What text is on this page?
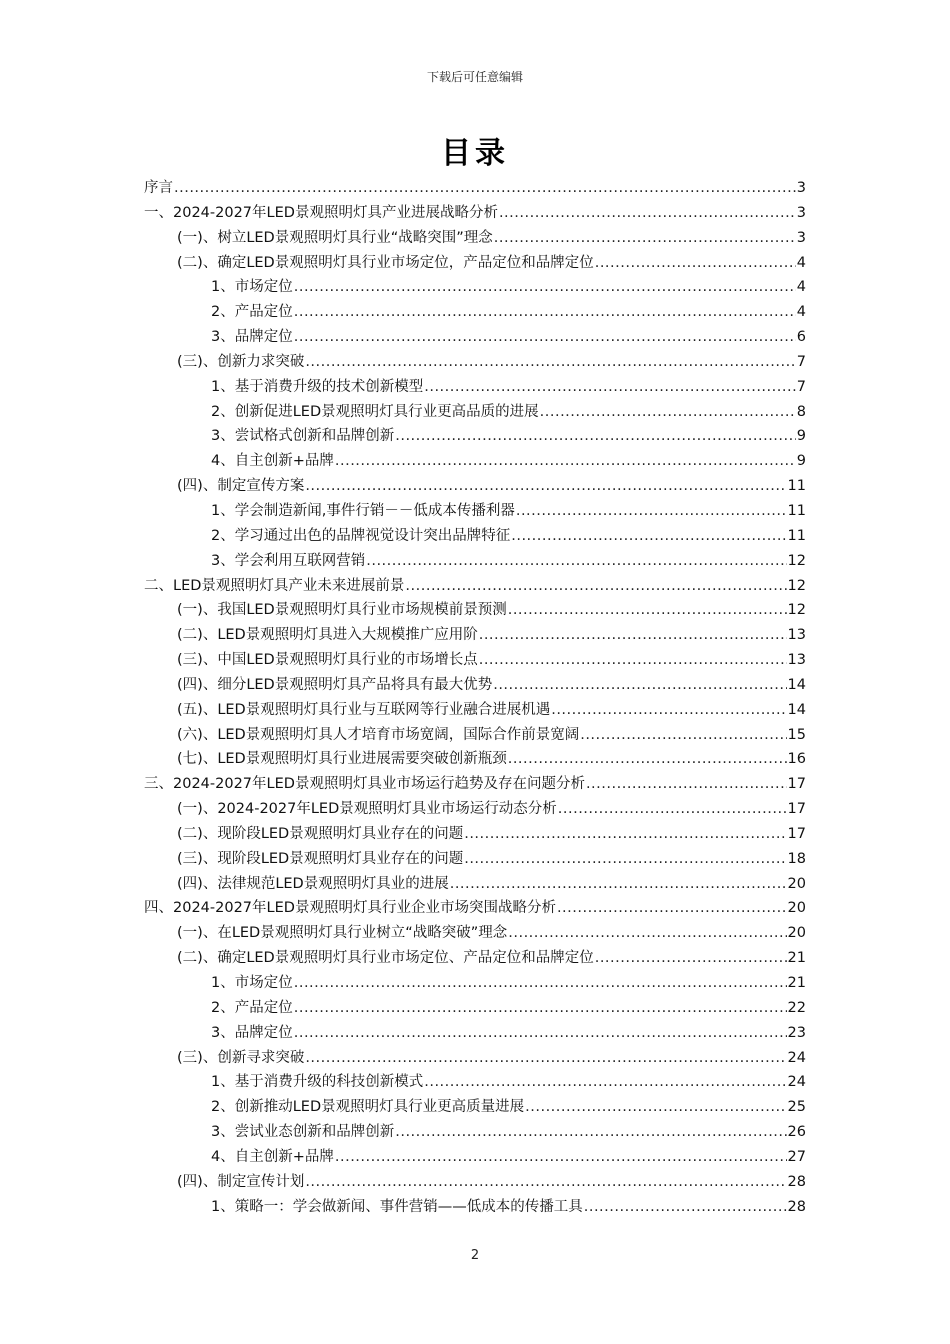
下载后可任意编辑
目录
序言 .....	3
一、2024-2027年LED景观照明灯具产业进展战略分析 .....	3
(一)、树立LED景观照明灯具行业“战略突围”理念 .....	3
(二)、确定LED景观照明灯具行业市场定位，产品定位和品牌定位 .....	4
1、市场定位 .....	4
2、产品定位 .....	4
3、品牌定位 .....	6
(三)、创新力求突破 .....	7
1、基于消费升级的技术创新模型 .....	7
2、创新促进LED景观照明灯具行业更高品质的进展 .....	8
3、尝试格式创新和品牌创新 .....	9
4、自主创新+品牌 .....	9
(四)、制定宣传方案 .....	11
1、学会制造新闻,事件行销－－低成本传播利器 .....	11
2、学习通过出色的品牌视觉设计突出品牌特征 .....	11
3、学会利用互联网营销 .....	12
二、LED景观照明灯具产业未来进展前景 .....	12
(一)、我国LED景观照明灯具行业市场规模前景预测 .....	12
(二)、LED景观照明灯具进入大规模推广应用阶 .....	13
(三)、中国LED景观照明灯具行业的市场增长点 .....	13
(四)、细分LED景观照明灯具产品将具有最大优势 .....	14
(五)、LED景观照明灯具行业与互联网等行业融合进展机遇 .....	14
(六)、LED景观照明灯具人才培育市场宽阔，国际合作前景宽阔 .....	15
(七)、LED景观照明灯具行业进展需要突破创新瓶颈 .....	16
三、2024-2027年LED景观照明灯具业市场运行趋势及存在问题分析 .....	17
(一)、2024-2027年LED景观照明灯具业市场运行动态分析 .....	17
(二)、现阶段LED景观照明灯具业存在的问题 .....	17
(三)、现阶段LED景观照明灯具业存在的问题 .....	18
(四)、法律规范LED景观照明灯具业的进展 .....	20
四、2024-2027年LED景观照明灯具行业企业市场突围战略分析 .....	20
(一)、在LED景观照明灯具行业树立“战略突破”理念 .....	20
(二)、确定LED景观照明灯具行业市场定位、产品定位和品牌定位 .....	21
1、市场定位 .....	21
2、产品定位 .....	22
3、品牌定位 .....	23
(三)、创新寻求突破 .....	24
1、基于消费升级的科技创新模式 .....	24
2、创新推动LED景观照明灯具行业更高质量进展 .....	25
3、尝试业态创新和品牌创新 .....	26
4、自主创新+品牌 .....	27
(四)、制定宣传计划 .....	28
1、策略一：学会做新闻、事件营销——低成本的传播工具 .....	28
2
